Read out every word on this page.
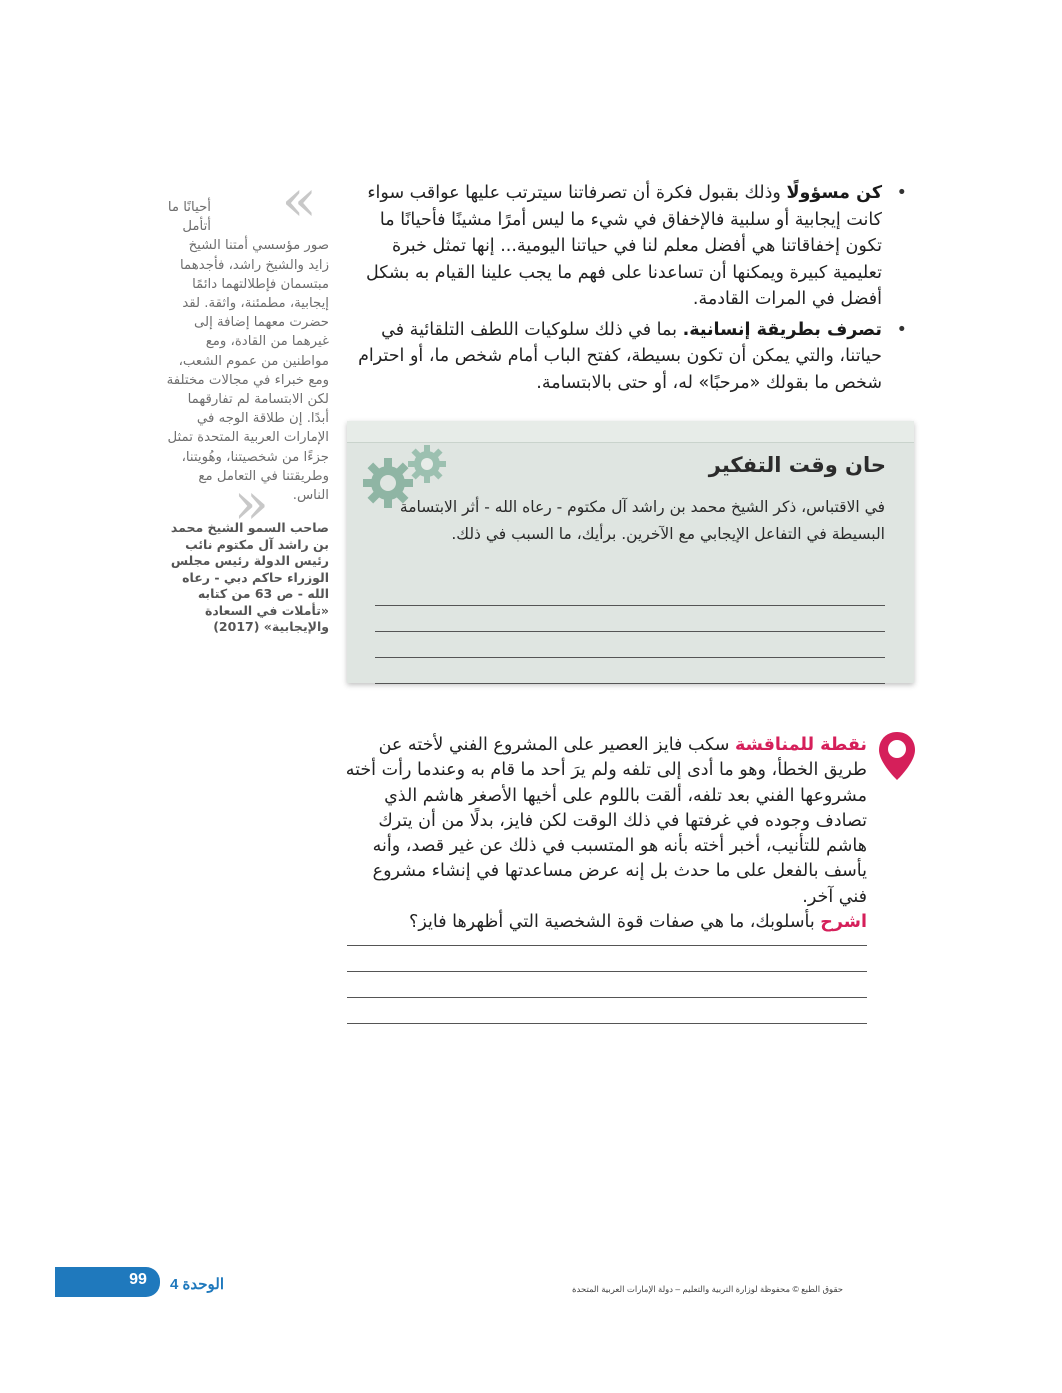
•
كن مسؤولًا وذلك بقبول فكرة أن تصرفاتنا سيترتب عليها عواقب سواء كانت إيجابية أو سلبية فالإخفاق في شيء ما ليس أمرًا مشينًا فأحيانًا ما تكون إخفاقاتنا هي أفضل معلم لنا في حياتنا اليومية... إنها تمثل خبرة تعليمية كبيرة ويمكنها أن تساعدنا على فهم ما يجب علينا القيام به بشكل أفضل في المرات القادمة.
•
تصرف بطريقة إنسانية. بما في ذلك سلوكيات اللطف التلقائية في حياتنا، والتي يمكن أن تكون بسيطة، كفتح الباب أمام شخص ما، أو احترام شخص ما بقولك «مرحبًا» له، أو حتى بالابتسامة.
»
أحيانًا ما أتأمل صور مؤسسي أمتنا الشيخ زايد والشيخ راشد، فأجدهما مبتسمان فإطلالتهما دائمًا إيجابية، مطمئنة، واثقة. لقد حضرت معهما إضافة إلى غيرهما من القادة، ومع مواطنين من عموم الشعب، ومع خبراء في مجالات مختلفة لكن الابتسامة لم تفارقهما أبدًا. إن طلاقة الوجه في الإمارات العربية المتحدة تمثل جزءًا من شخصيتنا، وهُويتنا، وطريقتنا في التعامل مع الناس.
«
صاحب السمو الشيخ محمد بن راشد آل مكتوم نائب رئيس الدولة رئيس مجلس الوزراء حاكم دبي - رعاه الله - ص 63 من كتابه «تأملات في السعادة والإيجابية» (2017)
حان وقت التفكير
في الاقتباس، ذكر الشيخ محمد بن راشد آل مكتوم - رعاه الله - أثر الابتسامة البسيطة في التفاعل الإيجابي مع الآخرين. برأيك، ما السبب في ذلك.
نقطة للمناقشة سكب فايز العصير على المشروع الفني لأخته عن طريق الخطأ، وهو ما أدى إلى تلفه ولم يرَ أحد ما قام به وعندما رأت أخته مشروعها الفني بعد تلفه، ألقت باللوم على أخيها الأصغر هاشم الذي تصادف وجوده في غرفتها في ذلك الوقت لكن فايز، بدلًا من أن يترك هاشم للتأنيب، أخبر أخته بأنه هو المتسبب في ذلك عن غير قصد، وأنه يأسف بالفعل على ما حدث بل إنه عرض مساعدتها في إنشاء مشروع فني آخر.
اشرح بأسلوبك، ما هي صفات قوة الشخصية التي أظهرها فايز؟
99	الوحدة 4	حقوق الطبع © محفوظة لوزارة التربية والتعليم – دولة الإمارات العربية المتحدة
